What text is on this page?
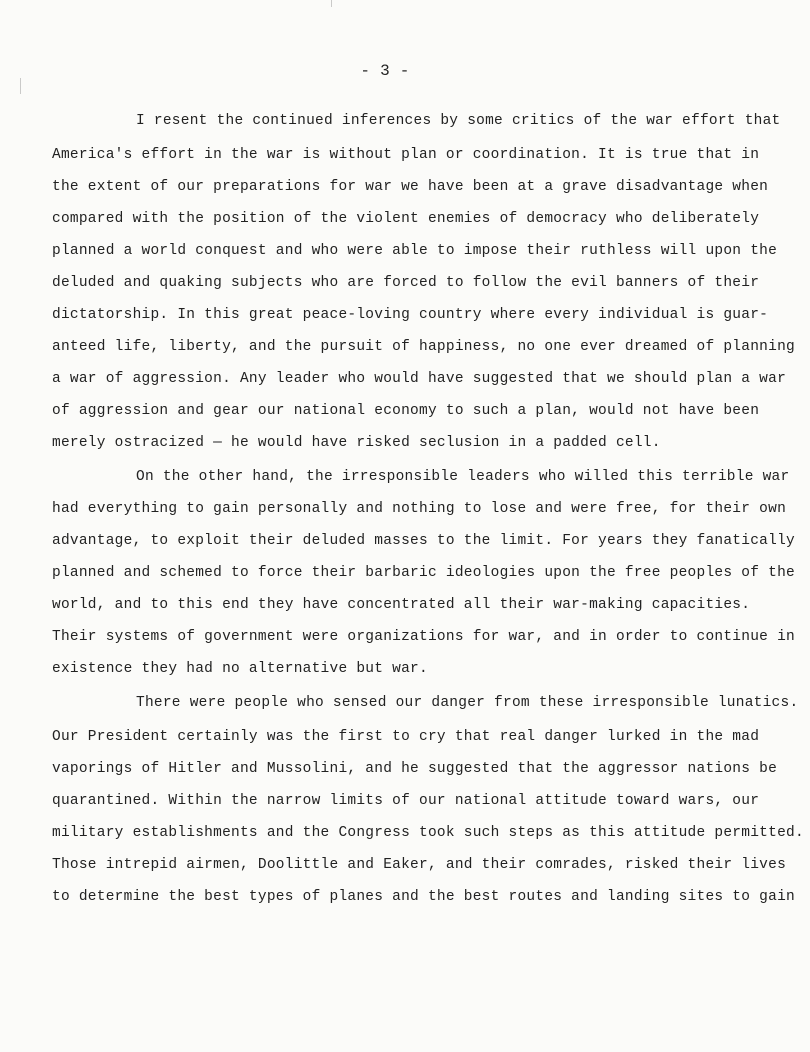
- 3 -
I resent the continued inferences by some critics of the war effort that
America's effort in the war is without plan or coordination. It is true that in
the extent of our preparations for war we have been at a grave disadvantage when
compared with the position of the violent enemies of democracy who deliberately
planned a world conquest and who were able to impose their ruthless will upon the
deluded and quaking subjects who are forced to follow the evil banners of their
dictatorship. In this great peace-loving country where every individual is guar-
anteed life, liberty, and the pursuit of happiness, no one ever dreamed of planning
a war of aggression. Any leader who would have suggested that we should plan a war
of aggression and gear our national economy to such a plan, would not have been
merely ostracized — he would have risked seclusion in a padded cell.
On the other hand, the irresponsible leaders who willed this terrible war
had everything to gain personally and nothing to lose and were free, for their own
advantage, to exploit their deluded masses to the limit. For years they fanatically
planned and schemed to force their barbaric ideologies upon the free peoples of the
world, and to this end they have concentrated all their war-making capacities.
Their systems of government were organizations for war, and in order to continue in
existence they had no alternative but war.
There were people who sensed our danger from these irresponsible lunatics.
Our President certainly was the first to cry that real danger lurked in the mad
vaporings of Hitler and Mussolini, and he suggested that the aggressor nations be
quarantined. Within the narrow limits of our national attitude toward wars, our
military establishments and the Congress took such steps as this attitude permitted.
Those intrepid airmen, Doolittle and Eaker, and their comrades, risked their lives
to determine the best types of planes and the best routes and landing sites to gain
